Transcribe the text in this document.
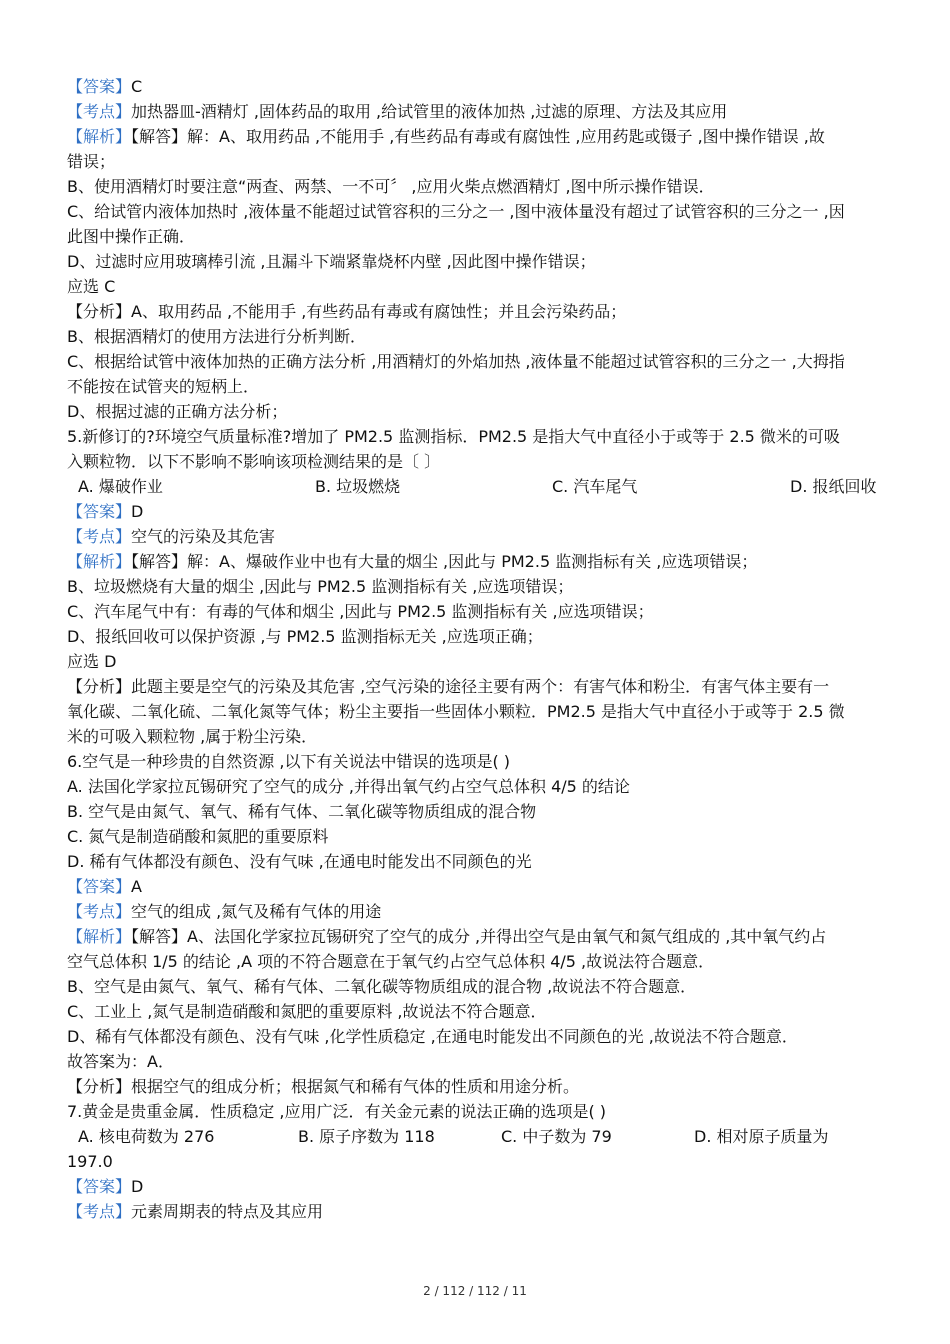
【答案】C
【考点】加热器皿-酒精灯 ,固体药品的取用 ,给试管里的液体加热 ,过滤的原理、方法及其应用
【解析】【解答】解：A、取用药品 ,不能用手 ,有些药品有毒或有腐蚀性 ,应用药匙或镊子 ,图中操作错误 ,故
错误；
B、使用酒精灯时要注意“两查、两禁、一不可〞 ,应用火柴点燃酒精灯 ,图中所示操作错误．
C、给试管内液体加热时 ,液体量不能超过试管容积的三分之一 ,图中液体量没有超过了试管容积的三分之一 ,因
此图中操作正确．
D、过滤时应用玻璃棒引流 ,且漏斗下端紧靠烧杯内壁 ,因此图中操作错误；
应选 C
【分析】A、取用药品 ,不能用手 ,有些药品有毒或有腐蚀性；并且会污染药品；
B、根据酒精灯的使用方法进行分析判断．
C、根据给试管中液体加热的正确方法分析 ,用酒精灯的外焰加热 ,液体量不能超过试管容积的三分之一 ,大拇指
不能按在试管夹的短柄上．
D、根据过滤的正确方法分析；
5.新修订的?环境空气质量标准?增加了 PM2.5 监测指标．PM2.5 是指大气中直径小于或等于 2.5 微米的可吸
入颗粒物．以下不影响不影响该项检测结果的是〔 〕
A. 爆破作业	B. 垃圾燃烧	C. 汽车尾气	D. 报纸回收
【答案】D
【考点】空气的污染及其危害
【解析】【解答】解：A、爆破作业中也有大量的烟尘 ,因此与 PM2.5 监测指标有关 ,应选项错误；
B、垃圾燃烧有大量的烟尘 ,因此与 PM2.5 监测指标有关 ,应选项错误；
C、汽车尾气中有：有毒的气体和烟尘 ,因此与 PM2.5 监测指标有关 ,应选项错误；
D、报纸回收可以保护资源 ,与 PM2.5 监测指标无关 ,应选项正确；
应选 D
【分析】此题主要是空气的污染及其危害 ,空气污染的途径主要有两个：有害气体和粉尘．有害气体主要有一
氧化碳、二氧化硫、二氧化氮等气体；粉尘主要指一些固体小颗粒．PM2.5 是指大气中直径小于或等于 2.5 微
米的可吸入颗粒物 ,属于粉尘污染．
6.空气是一种珍贵的自然资源 ,以下有关说法中错误的选项是( )
A. 法国化学家拉瓦锡研究了空气的成分 ,并得出氧气约占空气总体积 4/5 的结论
B. 空气是由氮气、氧气、稀有气体、二氧化碳等物质组成的混合物
C. 氮气是制造硝酸和氮肥的重要原料
D. 稀有气体都没有颜色、没有气味 ,在通电时能发出不同颜色的光
【答案】A
【考点】空气的组成 ,氮气及稀有气体的用途
【解析】【解答】A、法国化学家拉瓦锡研究了空气的成分 ,并得出空气是由氧气和氮气组成的 ,其中氧气约占
空气总体积 1/5 的结论 ,A 项的不符合题意在于氧气约占空气总体积 4/5 ,故说法符合题意．
B、空气是由氮气、氧气、稀有气体、二氧化碳等物质组成的混合物 ,故说法不符合题意．
C、工业上 ,氮气是制造硝酸和氮肥的重要原料 ,故说法不符合题意．
D、稀有气体都没有颜色、没有气味 ,化学性质稳定 ,在通电时能发出不同颜色的光 ,故说法不符合题意．
故答案为：A．
【分析】根据空气的组成分析；根据氮气和稀有气体的性质和用途分析。
7.黄金是贵重金属．性质稳定 ,应用广泛．有关金元素的说法正确的选项是( )
A. 核电荷数为 276	B. 原子序数为 118	C. 中子数为 79	D. 相对原子质量为
197.0
【答案】D
【考点】元素周期表的特点及其应用
2 / 112 / 112 / 11
